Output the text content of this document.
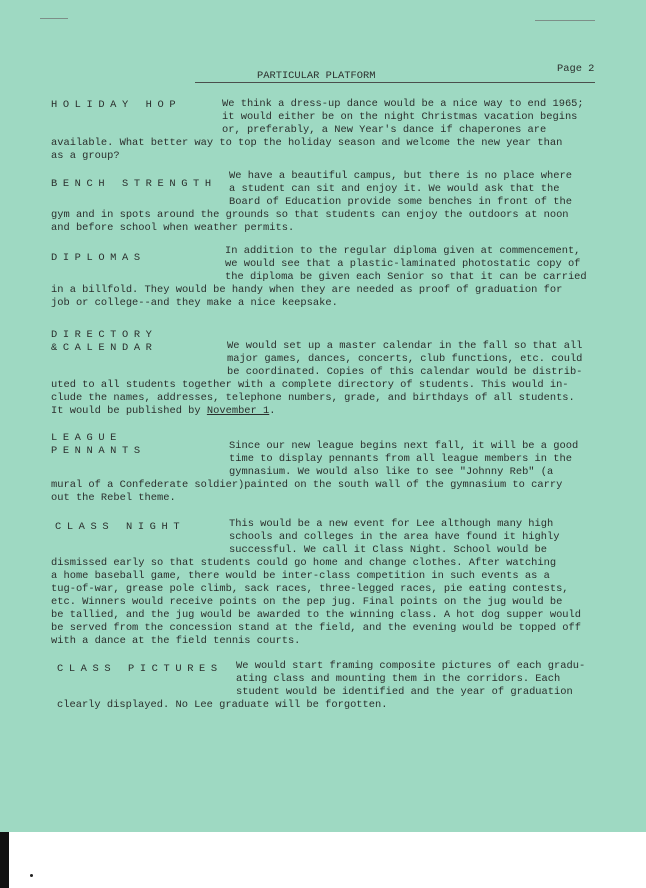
PARTICULAR PLATFORM
Page 2
HOLIDAY HOP	We think a dress-up dance would be a nice way to end 1965;
it would either be on the night Christmas vacation begins
or, preferably, a New Year's dance if chaperones are
available. What better way to top the holiday season and welcome the new year than
as a group?
BENCH STRENGTH
We have a beautiful campus, but there is no place where
a student can sit and enjoy it. We would ask that the
Board of Education provide some benches in front of the
gym and in spots around the grounds so that students can enjoy the outdoors at noon
and before school when weather permits.
DIPLOMAS
In addition to the regular diploma given at commencement,
we would see that a plastic-laminated photostatic copy of
the diploma be given each Senior so that it can be carried
in a billfold. They would be handy when they are needed as proof of graduation for
job or college--and they make a nice keepsake.
DIRECTORY
&CALENDAR	We would set up a master calendar in the fall so that all
major games, dances, concerts, club functions, etc. could
be coordinated. Copies of this calendar would be distrib-
uted to all students together with a complete directory of students. This would in-
clude the names, addresses, telephone numbers, grade, and birthdays of all students.
It would be published by November 1.
LEAGUE
PENNANTS	Since our new league begins next fall, it will be a good
time to display pennants from all league members in the
gymnasium. We would also like to see "Johnny Reb" (a
mural of a Confederate soldier)painted on the south wall of the gymnasium to carry
out the Rebel theme.
CLASS NIGHT	This would be a new event for Lee although many high
schools and colleges in the area have found it highly
successful. We call it Class Night. School would be
dismissed early so that students could go home and change clothes. After watching
a home baseball game, there would be inter-class competition in such events as a
tug-of-war, grease pole climb, sack races, three-legged races, pie eating contests,
etc. Winners would receive points on the pep jug. Final points on the jug would be
be tallied, and the jug would be awarded to the winning class. A hot dog supper would
be served from the concession stand at the field, and the evening would be topped off
with a dance at the field tennis courts.
CLASS PICTURES We would start framing composite pictures of each gradu-
ating class and mounting them in the corridors. Each
student would be identified and the year of graduation
clearly displayed. No Lee graduate will be forgotten.
